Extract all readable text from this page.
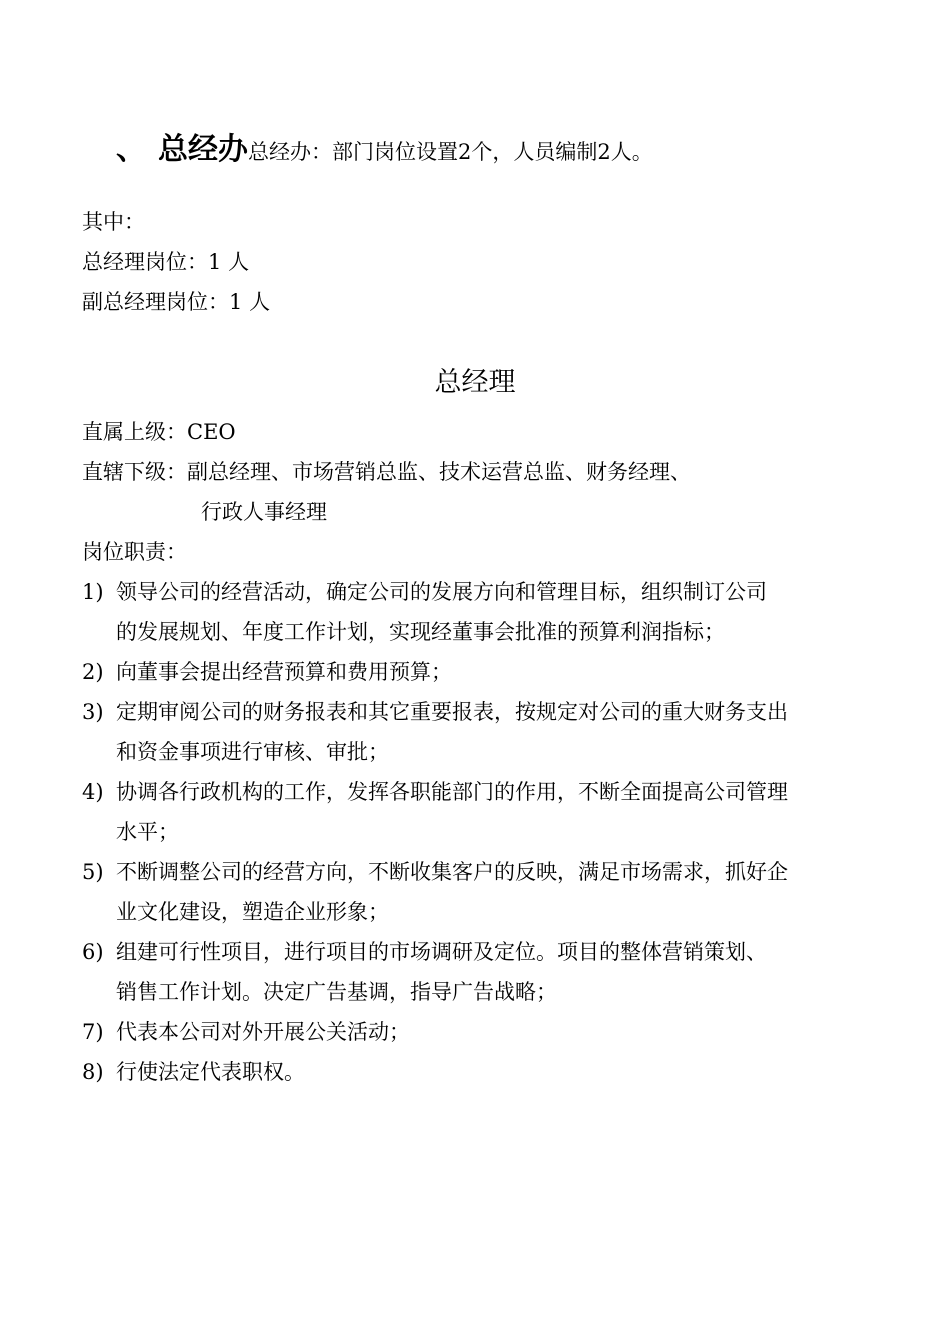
、 总经办总经办：部门岗位设置2个，人员编制2人。
其中：
总经理岗位：1 人
副总经理岗位：1 人
总经理
直属上级：CEO
直辖下级：副总经理、市场营销总监、技术运营总监、财务经理、
行政人事经理
岗位职责：
1) 领导公司的经营活动，确定公司的发展方向和管理目标，组织制订公司
的发展规划、年度工作计划，实现经董事会批准的预算利润指标；
2) 向董事会提出经营预算和费用预算；
3) 定期审阅公司的财务报表和其它重要报表，按规定对公司的重大财务支出
和资金事项进行审核、审批；
4) 协调各行政机构的工作，发挥各职能部门的作用，不断全面提高公司管理
水平；
5) 不断调整公司的经营方向，不断收集客户的反映，满足市场需求，抓好企
业文化建设，塑造企业形象；
6) 组建可行性项目，进行项目的市场调研及定位。项目的整体营销策划、
销售工作计划。决定广告基调，指导广告战略；
7) 代表本公司对外开展公关活动；
8) 行使法定代表职权。
